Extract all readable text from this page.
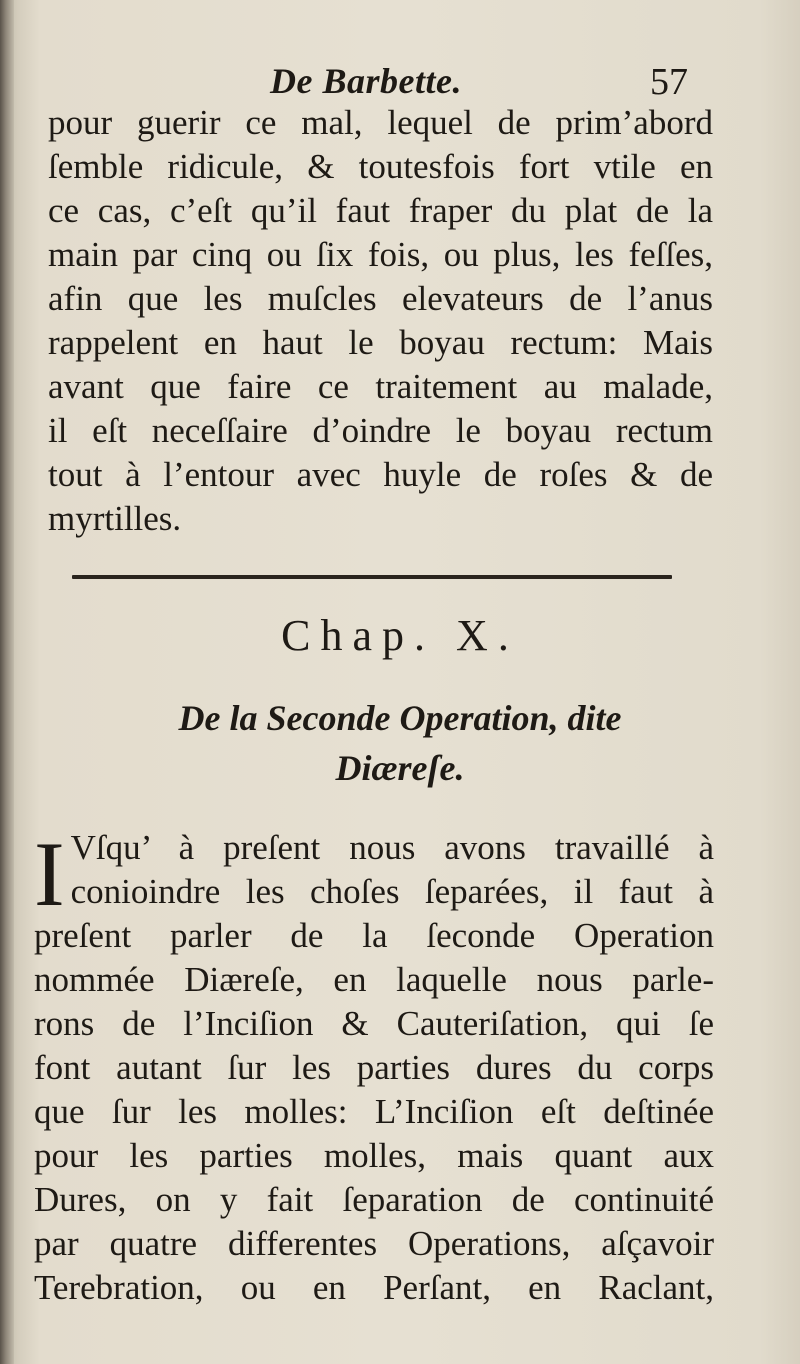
De Barbette.	57
pour guerir ce mal, lequel de prim’abord
ſemble ridicule, & toutesfois fort vtile en
ce cas, c’eſt qu’il faut fraper du plat de la
main par cinq ou ſix fois, ou plus, les feſſes,
afin que les muſcles elevateurs de l’anus
rappelent en haut le boyau rectum: Mais
avant que faire ce traitement au malade,
il eſt neceſſaire d’oindre le boyau rectum
tout à l’entour avec huyle de roſes & de
myrtilles.
Chap. X.
De la Seconde Operation, dite
Diæreſe.
I Vſqu’ à preſent nous avons travaillé à
conioindre les choſes ſeparées, il faut à
preſent parler de la ſeconde Operation
nommée Diæreſe, en laquelle nous parle-
rons de l’Inciſion & Cauteriſation, qui ſe
font autant ſur les parties dures du corps
que ſur les molles: L’Inciſion eſt deſtinée
pour les parties molles, mais quant aux
Dures, on y fait ſeparation de continuité
par quatre differentes Operations, aſçavoir
Terebration, ou en Perſant, en Raclant,
